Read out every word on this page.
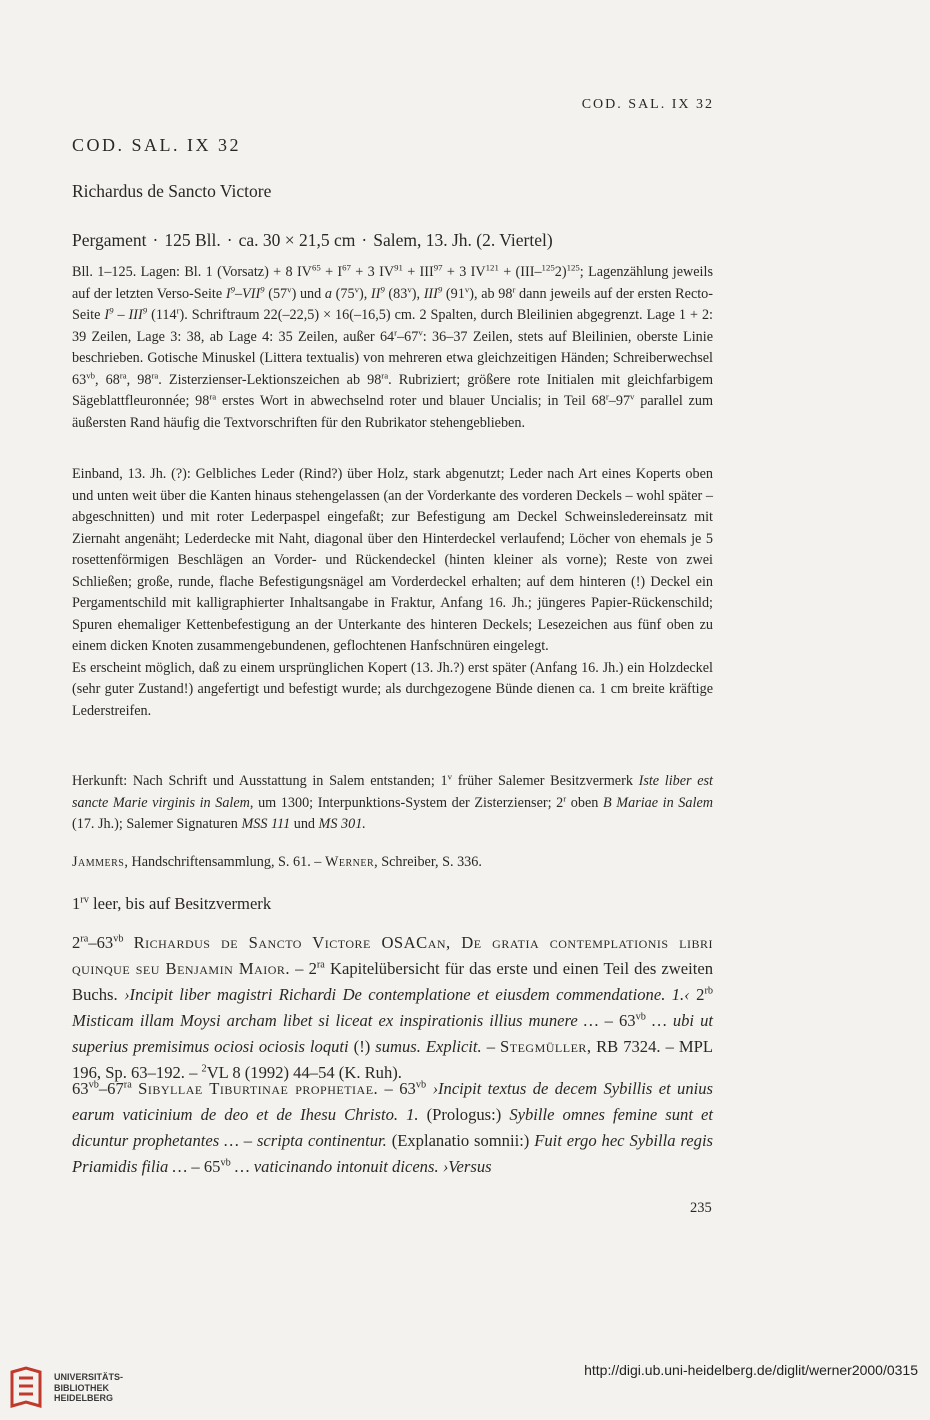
COD. SAL. IX 32
COD. SAL. IX 32
Richardus de Sancto Victore
Pergament · 125 Bll. · ca. 30 × 21,5 cm · Salem, 13. Jh. (2. Viertel)

Bll. 1–125. Lagen: Bl. 1 (Vorsatz) + 8 $IV^{65} + I^{67} + 3$ $IV^{91} + III^{97} + 3$ $IV^{121} + (III-^{125}2)^{125}$; Lagenzählung jeweils auf der letzten Verso-Seite $I^9-VII^9$ (57$^v$) und a (75$^v$), $II^9$ (83$^v$), III$^9$ (91$^v$), ab 98$^r$ dann jeweils auf der ersten Recto-Seite $I^9 - III^9$ (114$^r$). Schriftraum 22(–22,5) × 16(–16,5) cm. 2 Spalten, durch Bleilinien abgegrenzt. Lage 1 + 2: 39 Zeilen, Lage 3: 38, ab Lage 4: 35 Zeilen, außer 64$^r$–67$^v$: 36–37 Zeilen, stets auf Bleilinien, oberste Linie beschrieben. Gotische Minuskel (Littera textualis) von mehreren etwa gleichzeitigen Händen; Schreiberwechsel $63^{vb}$, $68^{ra}$, $98^{ra}$. Zisterzienser-Lektionszeichen ab $98^{ra}$. Rubriziert; größere rote Initialen mit gleichfarbigem Sägeblattfleuronnée; $98^{ra}$ erstes Wort in abwechselnd roter und blauer Uncialis; in Teil 68$^r$–97$^v$ parallel zum äußersten Rand häufig die Textvorschriften für den Rubrikator stehengeblieben.

Einband, 13. Jh. (?): Gelbliches Leder (Rind?) über Holz, stark abgenutzt; Leder nach Art eines Koperts oben und unten weit über die Kanten hinaus stehengelassen (an der Vorderkante des vorderen Deckels – wohl später – abgeschnitten) und mit roter Lederpaspel eingefaßt; zur Befestigung am Deckel Schweinsledereinsatz mit Ziernaht angenäht; Lederdecke mit Naht, diagonal über den Hinterdeckel verlaufend; Löcher von ehemals je 5 rosettenförmigen Beschlägen an Vorder- und Rückendeckel (hinten kleiner als vorne); Reste von zwei Schließen; große, runde, flache Befestigungsnägel am Vorderdeckel erhalten; auf dem hinteren (!) Deckel ein Pergamentschild mit kalligraphierter Inhaltsangabe in Fraktur, Anfang 16. Jh.; jüngeres Papier-Rückenschild; Spuren ehemaliger Kettenbefestigung an der Unterkante des hinteren Deckels; Lesezeichen aus fünf oben zu einem dicken Knoten zusammengebundenen, geflochtenen Hanfschnüren eingelegt.

Es erscheint möglich, daß zu einem ursprünglichen Kopert (13. Jh.?) erst später (Anfang 16. Jh.) ein Holzdeckel (sehr guter Zustand!) angefertigt und befestigt wurde; als durchgezogene Bünde dienen ca. 1 cm breite kräftige Lederstreifen.

Herkunft: Nach Schrift und Ausstattung in Salem entstanden; 1$^v$ früher Salemer Besitzvermerk Iste liber est sancte Marie virginis in Salem, um 1300; Interpunktions-System der Zisterzienser; 2$^r$ oben B Mariae in Salem (17. Jh.); Salemer Signaturen MSS 111 und MS 301.

Jammers, Handschriftensammlung, S. 61. – Werner, Schreiber, S. 336.

$1^{rv}$ leer, bis auf Besitzvermerk
$2^{ra}-63^{vb}$ Richardus de Sancto Victore OSACan, De gratia contemplationis libri quinque seu Benjamin Maior. – $2^{ra}$ Kapitelübersicht für das erste und einen Teil des zweiten Buchs. ›Incipit liber magistri Richardi De contemplatione et eiusdem commendatione. 1.‹ $2^{rb}$ Misticam illam Moysi archam libet si liceat ex inspirationis illius munere … – $63^{vb}$ … ubi ut superius premisimus ociosi ociosis loquti (!) sumus. Explicit. – Stegmüller, RB 7324. – MPL 196, Sp. 63–192. – $^2$VL 8 (1992) 44–54 (K. Ruh).
$63^{vb}-67^{ra}$ Sibyllae Tiburtinae prophetiae. – $63^{vb}$ ›Incipit textus de decem Sybillis et unius earum vaticinium de deo et de Ihesu Christo. 1. (Prologus:) Sybille omnes femine sunt et dicuntur prophetantes … – scripta continentur. (Explanatio somnii:) Fuit ergo hec Sybilla regis Priamidis filia … – $65^{vb}$ … vaticinando intonuit dicens. ›Versus
235
UNIVERSITÄTS-
BIBLIOTHEK
HEIDELBERG
http://digi.ub.uni-heidelberg.de/diglit/werner2000/0315
